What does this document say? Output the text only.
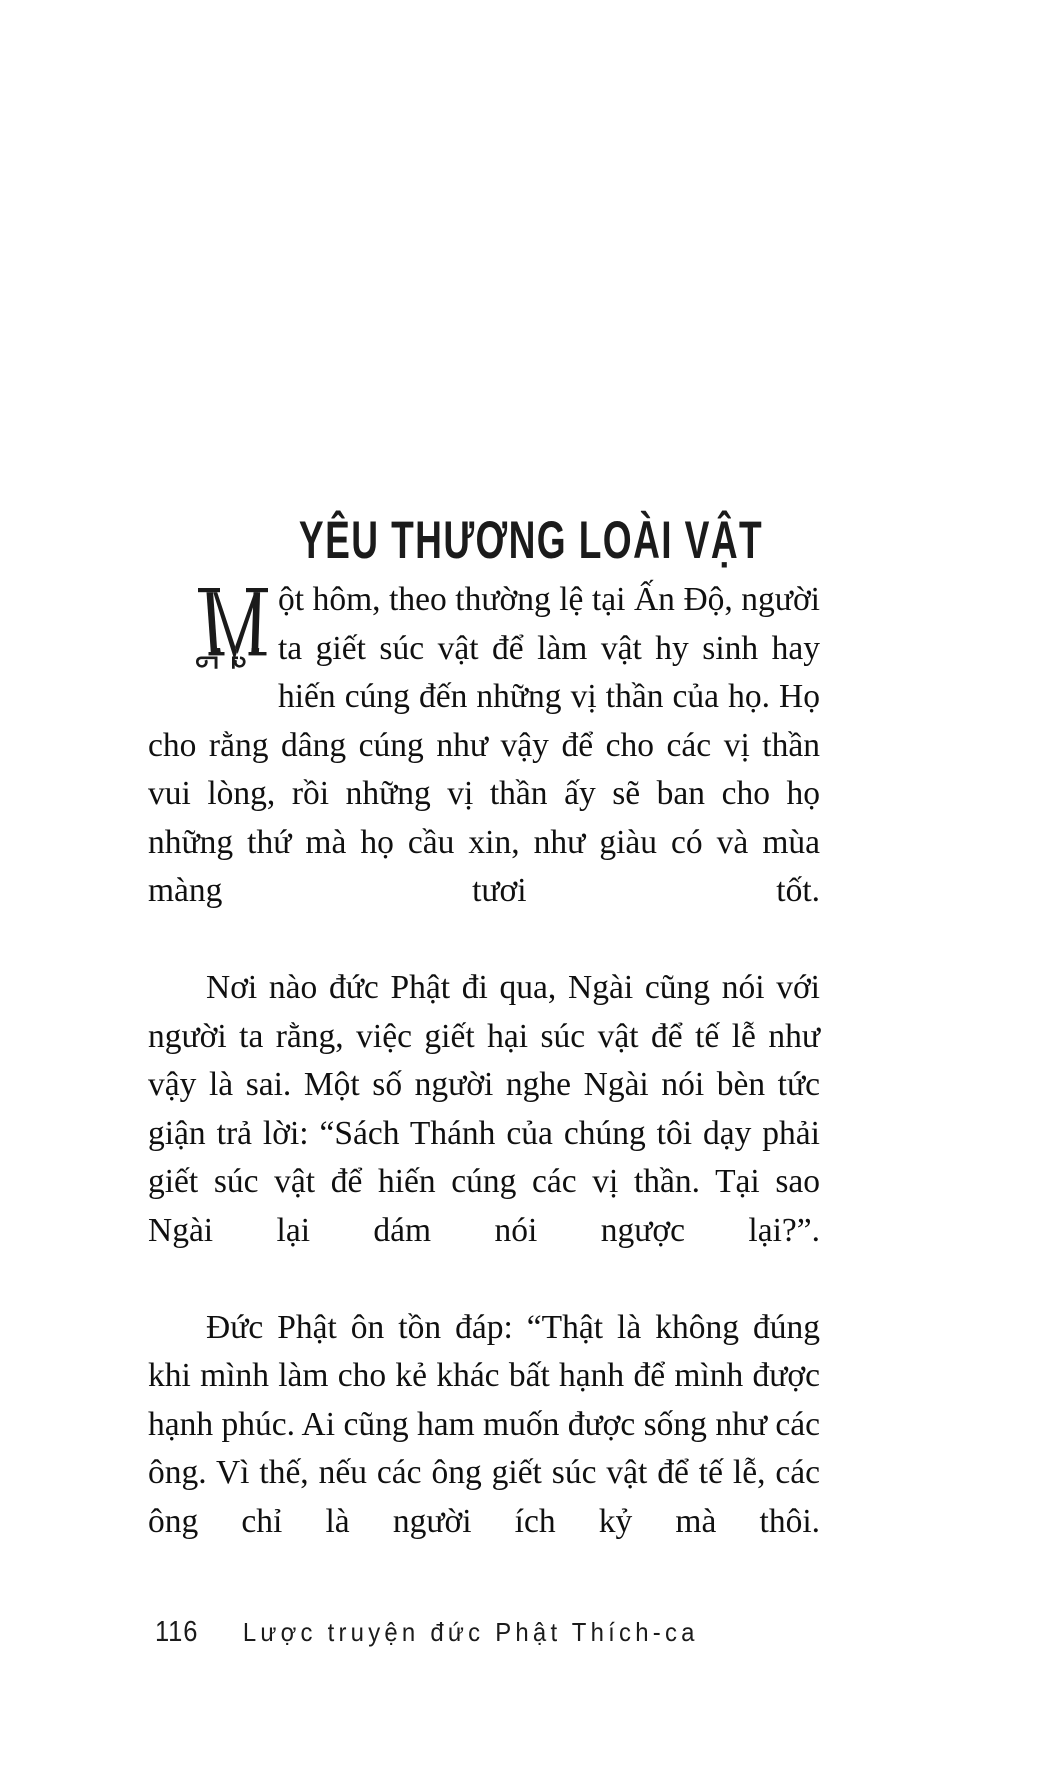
YÊU THƯƠNG LOÀI VẬT

ột hôm, theo thường lệ tại Ấn Độ, người ta giết súc vật để làm vật hy sinh hay hiến cúng đến những vị thần của họ. Họ cho rằng dâng cúng như vậy để cho các vị thần vui lòng, rồi những vị thần ấy sẽ ban cho họ những thứ mà họ cầu xin, như giàu có và mùa màng tươi tốt.

Nơi nào đức Phật đi qua, Ngài cũng nói với người ta rằng, việc giết hại súc vật để tế lễ như vậy là sai. Một số người nghe Ngài nói bèn tức giận trả lời: “Sách Thánh của chúng tôi dạy phải giết súc vật để hiến cúng các vị thần. Tại sao Ngài lại dám nói ngược lại?”.

Đức Phật ôn tồn đáp: “Thật là không đúng khi mình làm cho kẻ khác bất hạnh để mình được hạnh phúc. Ai cũng ham muốn được sống như các ông. Vì thế, nếu các ông giết súc vật để tế lễ, các ông chỉ là người ích kỷ mà thôi.

116 Lược truyện đức Phật Thích-ca
